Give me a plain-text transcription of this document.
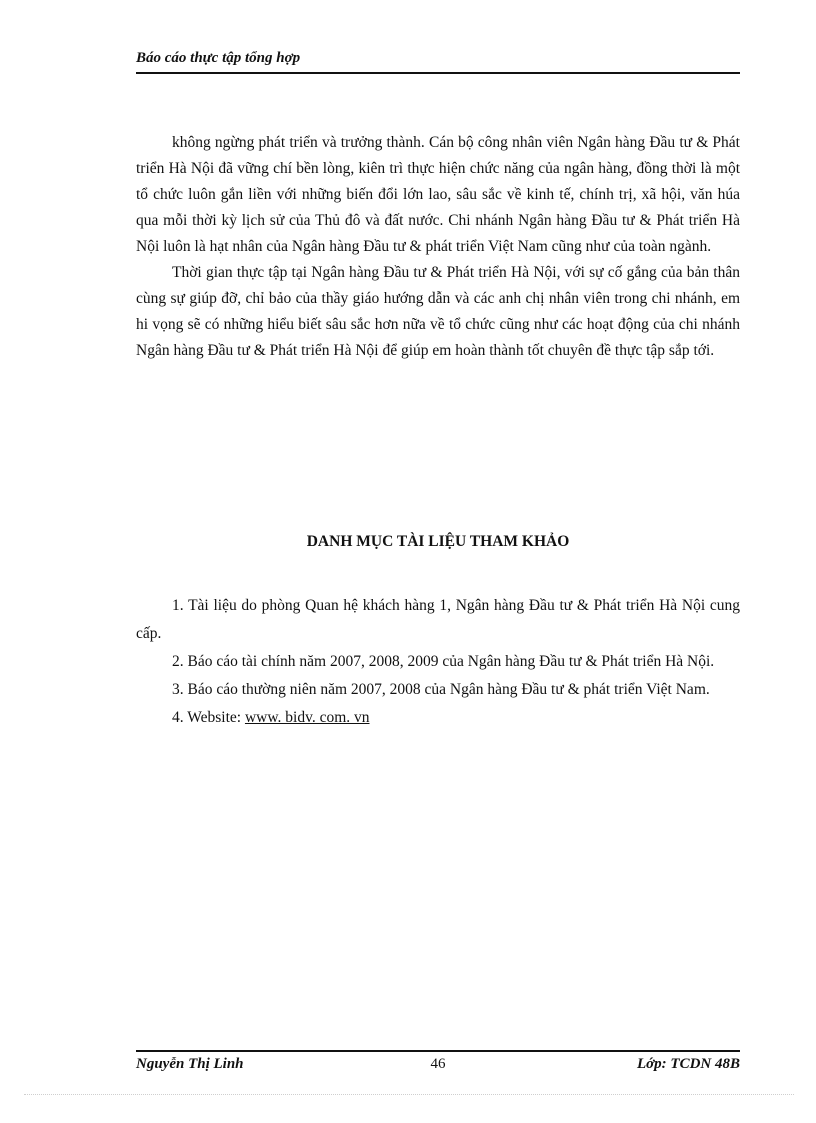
Báo cáo thực tập tổng hợp

không ngừng phát triển và trưởng thành. Cán bộ công nhân viên Ngân hàng Đầu tư & Phát triển Hà Nội đã vững chí bền lòng, kiên trì thực hiện chức năng của ngân hàng, đồng thời là một tổ chức luôn gắn liền với những biến đổi lớn lao, sâu sắc về kinh tế, chính trị, xã hội, văn húa qua mỗi thời kỳ lịch sử của Thủ đô và đất nước. Chi nhánh Ngân hàng Đầu tư & Phát triển Hà Nội luôn là hạt nhân của Ngân hàng Đầu tư & phát triển Việt Nam cũng như của toàn ngành.

Thời gian thực tập tại Ngân hàng Đầu tư & Phát triển Hà Nội, với sự cố gắng của bản thân cùng sự giúp đỡ, chỉ bảo của thầy giáo hướng dẫn và các anh chị nhân viên trong chi nhánh, em hi vọng sẽ có những hiểu biết sâu sắc hơn nữa về tổ chức cũng như các hoạt động của chi nhánh Ngân hàng Đầu tư & Phát triển Hà Nội để giúp em hoàn thành tốt chuyên đề thực tập sắp tới.

DANH MỤC TÀI LIỆU THAM KHẢO

1. Tài liệu do phòng Quan hệ khách hàng 1, Ngân hàng Đầu tư & Phát triển Hà Nội cung cấp.

2. Báo cáo tài chính năm 2007, 2008, 2009 của Ngân hàng Đầu tư & Phát triển Hà Nội.

3. Báo cáo thường niên năm 2007, 2008 của Ngân hàng Đầu tư & phát triển Việt Nam.

4. Website: www. bidv. com. vn

Nguyễn Thị Linh	46	Lớp: TCDN 48B
